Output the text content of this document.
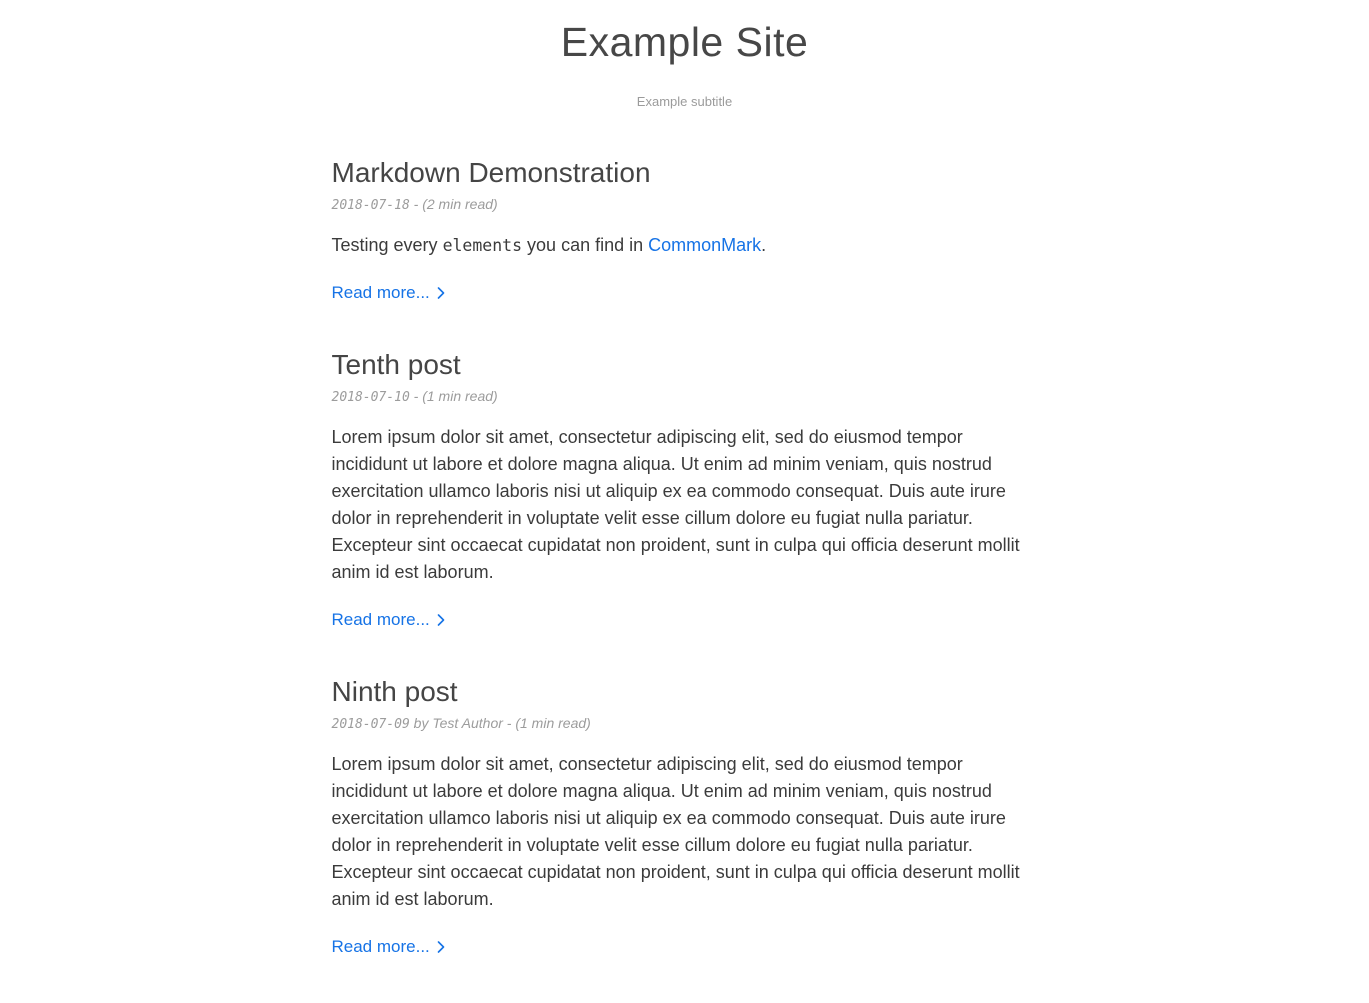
Example Site

Example subtitle

Markdown Demonstration

2018-07-18 - (2 min read)

Testing every elements you can find in CommonMark.

Read more...
Tenth post

2018-07-10 - (1 min read)

Lorem ipsum dolor sit amet, consectetur adipiscing elit, sed do eiusmod tempor incididunt ut labore et dolore magna aliqua. Ut enim ad minim veniam, quis nostrud exercitation ullamco laboris nisi ut aliquip ex ea commodo consequat. Duis aute irure dolor in reprehenderit in voluptate velit esse cillum dolore eu fugiat nulla pariatur. Excepteur sint occaecat cupidatat non proident, sunt in culpa qui officia deserunt mollit anim id est laborum.

Read more...
Ninth post

2018-07-09 by Test Author - (1 min read)

Lorem ipsum dolor sit amet, consectetur adipiscing elit, sed do eiusmod tempor incididunt ut labore et dolore magna aliqua. Ut enim ad minim veniam, quis nostrud exercitation ullamco laboris nisi ut aliquip ex ea commodo consequat. Duis aute irure dolor in reprehenderit in voluptate velit esse cillum dolore eu fugiat nulla pariatur. Excepteur sint occaecat cupidatat non proident, sunt in culpa qui officia deserunt mollit anim id est laborum.

Read more...
